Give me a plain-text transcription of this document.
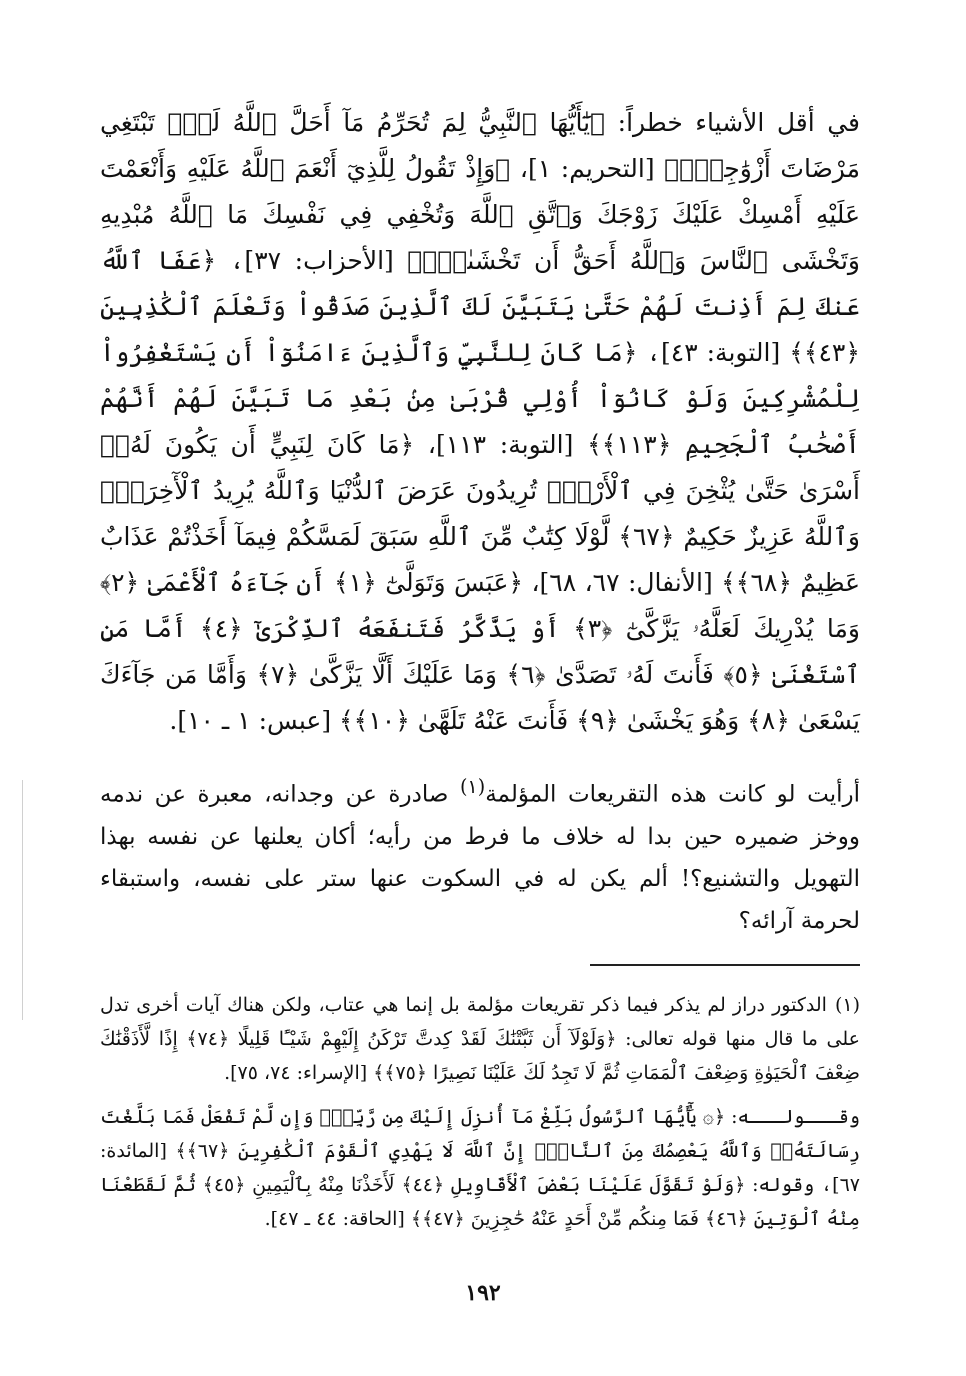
في أقل الأشياء خطراً: ﴿يَٰٓأَيُّهَا ٱلنَّبِيُّ لِمَ تُحَرِّمُ مَآ أَحَلَّ ٱللَّهُ لَكَۖ تَبْتَغِي مَرْضَاتَ أَزْوَٰجِكَۚ﴾ [التحريم: ١]، ﴿وَإِذْ تَقُولُ لِلَّذِيٓ أَنْعَمَ ٱللَّهُ عَلَيْهِ وَأَنْعَمْتَ عَلَيْهِ أَمْسِكْ عَلَيْكَ زَوْجَكَ وَٱتَّقِ ٱللَّهَ وَتُخْفِي فِي نَفْسِكَ مَا ٱللَّهُ مُبْدِيهِ وَتَخْشَى ٱلنَّاسَ وَٱللَّهُ أَحَقُّ أَن تَخْشَىٰهُۖ﴾ [الأحزاب: ٣٧]، ﴿عَفَا ٱللَّهُ عَنكَ لِمَ أَذِنتَ لَهُمْ حَتَّىٰ يَتَبَيَّنَ لَكَ ٱلَّذِينَ صَدَقُواْ وَتَعْلَمَ ٱلْكَٰذِبِينَ ﴿٤٣﴾﴾ [التوبة: ٤٣]، ﴿مَا كَانَ لِلنَّبِيِّ وَٱلَّذِينَ ءَامَنُوٓاْ أَن يَسْتَغْفِرُواْ لِلْمُشْرِكِينَ وَلَوْ كَانُوٓاْ أُوْلِي قُرْبَىٰ مِنۢ بَعْدِ مَا تَبَيَّنَ لَهُمْ أَنَّهُمْ أَصْحَٰبُ ٱلْجَحِيمِ ﴿١١٣﴾﴾ [التوبة: ١١٣]، ﴿مَا كَانَ لِنَبِيٍّ أَن يَكُونَ لَهُۥٓ أَسْرَىٰ حَتَّىٰ يُثْخِنَ فِي ٱلْأَرْضِۚ تُرِيدُونَ عَرَضَ ٱلدُّنْيَا وَٱللَّهُ يُرِيدُ ٱلْأٓخِرَةَۗ وَٱللَّهُ عَزِيزٌ حَكِيمٌ ﴿٦٧﴾ لَّوْلَا كِتَٰبٌ مِّنَ ٱللَّهِ سَبَقَ لَمَسَّكُمْ فِيمَآ أَخَذْتُمْ عَذَابٌ عَظِيمٌ ﴿٦٨﴾﴾ [الأنفال: ٦٧، ٦٨]، ﴿عَبَسَ وَتَوَلَّىٰٓ ﴿١﴾ أَن جَآءَهُ ٱلْأَعْمَىٰ ﴿٢﴾ وَمَا يُدْرِيكَ لَعَلَّهُۥ يَزَّكَّىٰٓ ﴿٣﴾ أَوْ يَذَّكَّرُ فَتَنفَعَهُ ٱلذِّكْرَىٰٓ ﴿٤﴾ أَمَّا مَنِ ٱسْتَغْنَىٰ ﴿٥﴾ فَأَنتَ لَهُۥ تَصَدَّىٰ ﴿٦﴾ وَمَا عَلَيْكَ أَلَّا يَزَّكَّىٰ ﴿٧﴾ وَأَمَّا مَن جَآءَكَ يَسْعَىٰ ﴿٨﴾ وَهُوَ يَخْشَىٰ ﴿٩﴾ فَأَنتَ عَنْهُ تَلَهَّىٰ ﴿١٠﴾﴾ [عبس: ١ ـ ١٠].

أرأيت لو كانت هذه التقريعات المؤلمة$^{(١)}$ صادرة عن وجدانه، معبرة عن ندمه ووخز ضميره حين بدا له خلاف ما فرط من رأيه؛ أكان يعلنها عن نفسه بهذا التهويل والتشنيع؟! ألم يكن له في السكوت عنها ستر على نفسه، واستبقاء لحرمة آرائه؟

(١)الدكتور دراز لم يذكر فيما ذكر تقريعات مؤلمة بل إنما هي عتاب، ولكن هناك آيات أخرى تدل على ما قال منها قوله تعالى: ﴿وَلَوْلَآ أَن ثَبَّتْنَٰكَ لَقَدْ كِدتَّ تَرْكَنُ إِلَيْهِمْ شَيْـًٔا قَلِيلًا ﴿٧٤﴾ إِذًا لَّأَذَقْنَٰكَ ضِعْفَ ٱلْحَيَوٰةِ وَضِعْفَ ٱلْمَمَاتِ ثُمَّ لَا تَجِدُ لَكَ عَلَيْنَا نَصِيرًا ﴿٧٥﴾﴾ [الإسراء: ٧٤، ٧٥].

وقـــولـــه: ﴿۞ يَٰٓأَيُّهَا ٱلرَّسُولُ بَلِّغْ مَآ أُنزِلَ إِلَيْكَ مِن رَّبِّكَۖ وَإِن لَّمْ تَفْعَلْ فَمَا بَلَّغْتَ رِسَالَتَهُۥۚ وَٱللَّهُ يَعْصِمُكَ مِنَ ٱلنَّاسِۗ إِنَّ ٱللَّهَ لَا يَهْدِي ٱلْقَوْمَ ٱلْكَٰفِرِينَ ﴿٦٧﴾﴾ [المائدة: ٦٧]، وقوله: ﴿وَلَوْ تَقَوَّلَ عَلَيْنَا بَعْضَ ٱلْأَقَاوِيلِ ﴿٤٤﴾ لَأَخَذْنَا مِنْهُ بِٱلْيَمِينِ ﴿٤٥﴾ ثُمَّ لَقَطَعْنَا مِنْهُ ٱلْوَتِينَ ﴿٤٦﴾ فَمَا مِنكُم مِّنْ أَحَدٍ عَنْهُ حَٰجِزِينَ ﴿٤٧﴾﴾ [الحاقة: ٤٤ ـ ٤٧].

١٩٢
